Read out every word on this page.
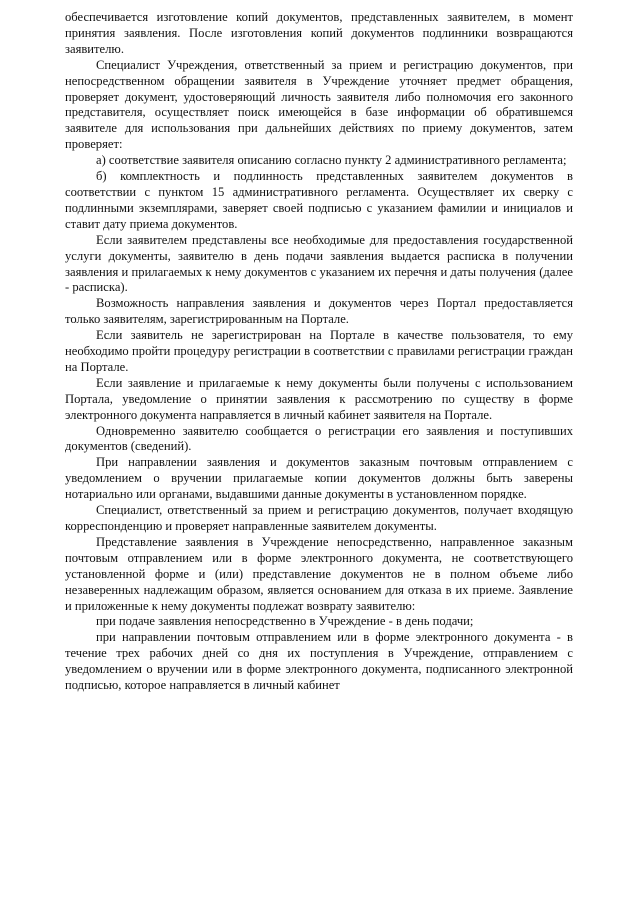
обеспечивается изготовление копий документов, представленных заявителем, в момент принятия заявления. После изготовления копий документов подлинники возвращаются заявителю.

Специалист Учреждения, ответственный за прием и регистрацию документов, при непосредственном обращении заявителя в Учреждение уточняет предмет обращения, проверяет документ, удостоверяющий личность заявителя либо полномочия его законного представителя, осуществляет поиск имеющейся в базе информации об обратившемся заявителе для использования при дальнейших действиях по приему документов, затем проверяет:

а) соответствие заявителя описанию согласно пункту 2 административного регламента;

б) комплектность и подлинность представленных заявителем документов в соответствии с пунктом 15 административного регламента. Осуществляет их сверку с подлинными экземплярами, заверяет своей подписью с указанием фамилии и инициалов и ставит дату приема документов.

Если заявителем представлены все необходимые для предоставления государственной услуги документы, заявителю в день подачи заявления выдается расписка в получении заявления и прилагаемых к нему документов с указанием их перечня и даты получения (далее - расписка).

Возможность направления заявления и документов через Портал предоставляется только заявителям, зарегистрированным на Портале.

Если заявитель не зарегистрирован на Портале в качестве пользователя, то ему необходимо пройти процедуру регистрации в соответствии с правилами регистрации граждан на Портале.

Если заявление и прилагаемые к нему документы были получены с использованием Портала, уведомление о принятии заявления к рассмотрению по существу в форме электронного документа направляется в личный кабинет заявителя на Портале.

Одновременно заявителю сообщается о регистрации его заявления и поступивших документов (сведений).

При направлении заявления и документов заказным почтовым отправлением с уведомлением о вручении прилагаемые копии документов должны быть заверены нотариально или органами, выдавшими данные документы в установленном порядке.

Специалист, ответственный за прием и регистрацию документов, получает входящую корреспонденцию и проверяет направленные заявителем документы.

Представление заявления в Учреждение непосредственно, направленное заказным почтовым отправлением или в форме электронного документа, не соответствующего установленной форме и (или) представление документов не в полном объеме либо незаверенных надлежащим образом, является основанием для отказа в их приеме. Заявление и приложенные к нему документы подлежат возврату заявителю:

при подаче заявления непосредственно в Учреждение - в день подачи;

при направлении почтовым отправлением или в форме электронного документа - в течение трех рабочих дней со дня их поступления в Учреждение, отправлением с уведомлением о вручении или в форме электронного документа, подписанного электронной подписью, которое направляется в личный кабинет
